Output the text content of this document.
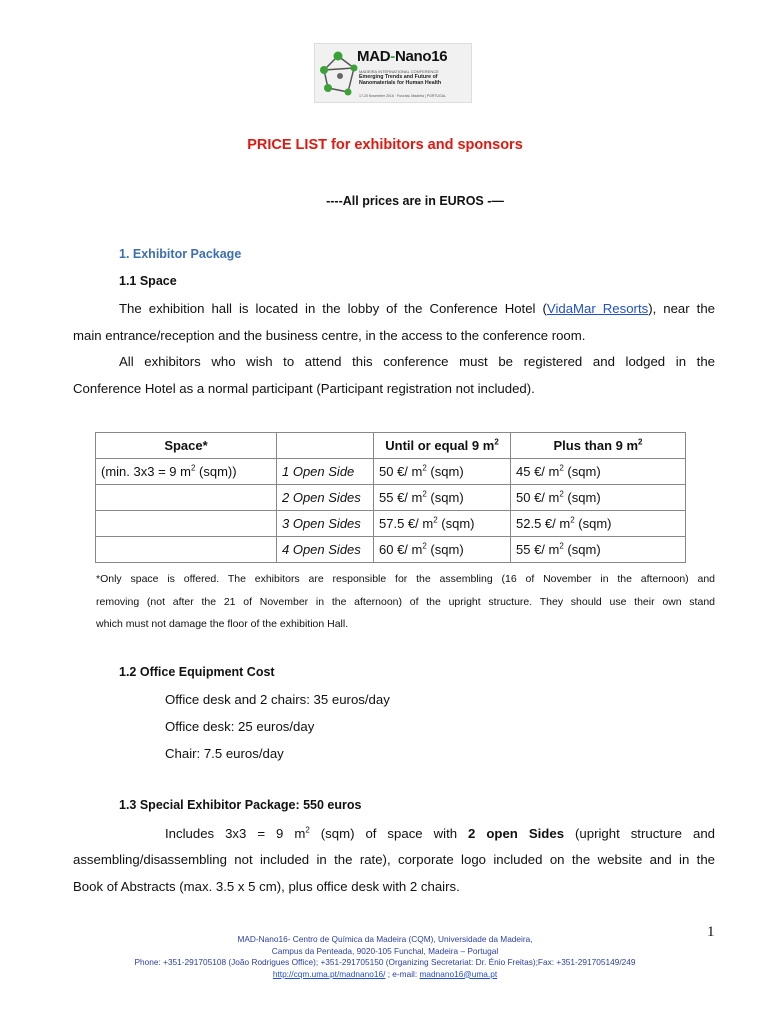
MAD-Nano16
MADEIRA INTERNATIONAL CONFERENCE
Emerging Trends and Future of Nanomaterials for Human Health
17-20 November 2016 · Funchal, Madeira | PORTUGAL
PRICE LIST for exhibitors and sponsors
----All prices are in EUROS -—
1. Exhibitor Package
1.1 Space
The exhibition hall is located in the lobby of the Conference Hotel (VidaMar Resorts), near the
main entrance/reception and the business centre, in the access to the conference room.
All exhibitors who wish to attend this conference must be registered and lodged in the
Conference Hotel as a normal participant (Participant registration not included).
Space*		Until or equal 9 $m^2$	Plus than 9 $m^2$
(min. 3x3 = 9 $m^2$ (sqm))	1 Open Side	50 €/ $m^2$ (sqm)	45 €/ $m^2$ (sqm)
	2 Open Sides	55 €/ $m^2$ (sqm)	50 €/ $m^2$ (sqm)
	3 Open Sides	57.5 €/ $m^2$ (sqm)	52.5 €/ $m^2$ (sqm)
	4 Open Sides	60 €/ $m^2$ (sqm)	55 €/ $m^2$ (sqm)
*Only space is offered. The exhibitors are responsible for the assembling (16 of November in the afternoon) and
removing (not after the 21 of November in the afternoon) of the upright structure. They should use their own stand
which must not damage the floor of the exhibition Hall.
1.2 Office Equipment Cost
Office desk and 2 chairs: 35 euros/day
Office desk: 25 euros/day
Chair: 7.5 euros/day
1.3 Special Exhibitor Package: 550 euros
Includes 3x3 = 9 $m^2$ (sqm) of space with 2 open Sides (upright structure and
assembling/disassembling not included in the rate), corporate logo included on the website and in the
Book of Abstracts (max. 3.5 x 5 cm), plus office desk with 2 chairs.
1
MAD-Nano16- Centro de Química da Madeira (CQM), Universidade da Madeira,
Campus da Penteada, 9020-105 Funchal, Madeira – Portugal
Phone: +351-291705108 (João Rodrigues Office); +351-291705150 (Organizing Secretariat: Dr. Énio Freitas);Fax: +351-291705149/249
http://cqm.uma.pt/madnano16/ ; e-mail: madnano16@uma.pt
